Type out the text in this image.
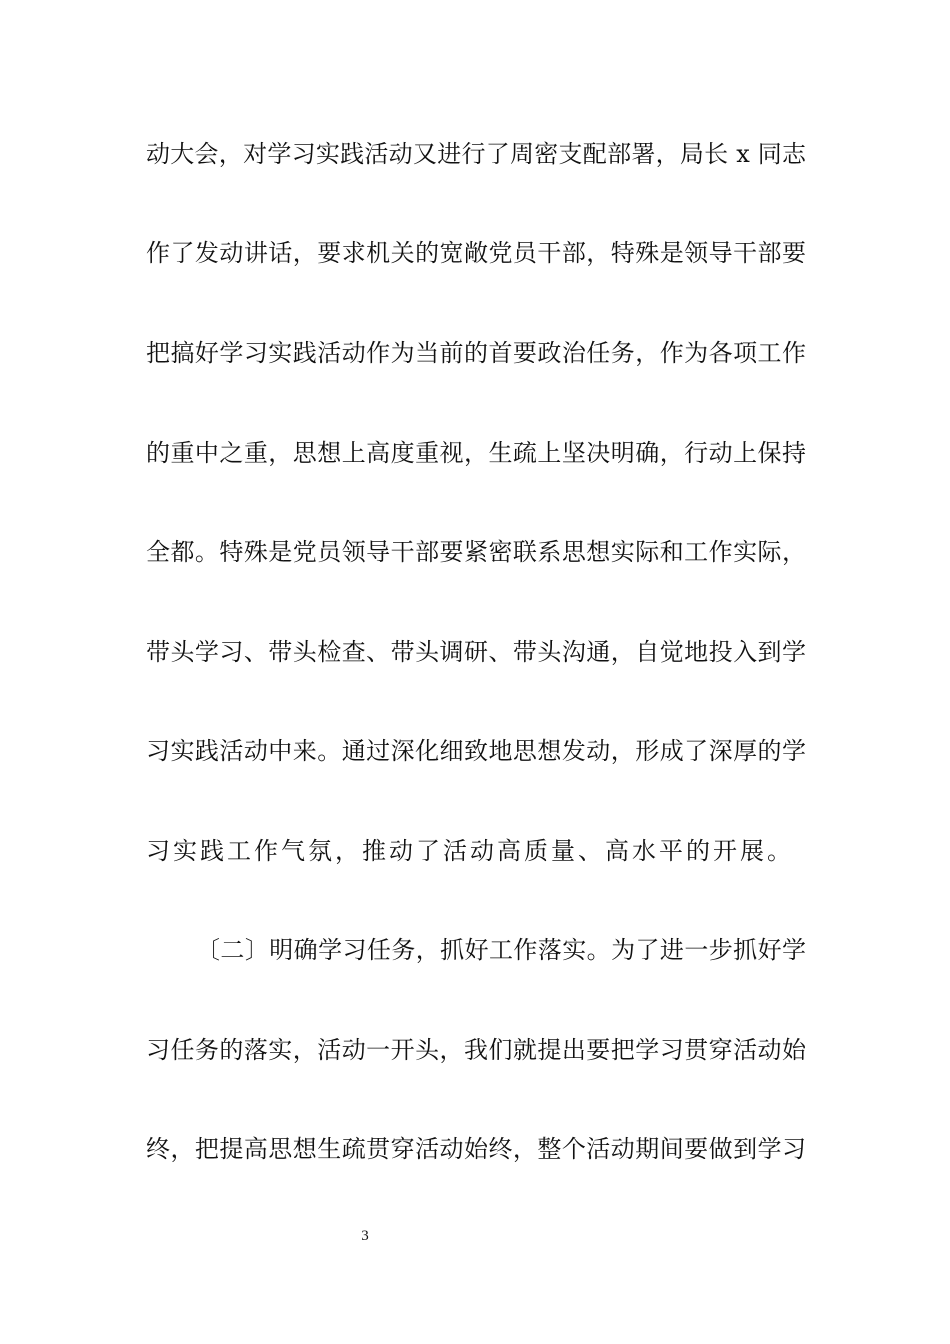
动大会，对学习实践活动又进行了周密支配部署，局长 x 同志
作了发动讲话，要求机关的宽敞党员干部，特殊是领导干部要
把搞好学习实践活动作为当前的首要政治任务，作为各项工作
的重中之重，思想上高度重视，生疏上坚决明确，行动上保持
全都。特殊是党员领导干部要紧密联系思想实际和工作实际，
带头学习、带头检查、带头调研、带头沟通，自觉地投入到学
习实践活动中来。通过深化细致地思想发动，形成了深厚的学
习实践工作气氛，推动了活动高质量、高水平的开展。
〔二〕明确学习任务，抓好工作落实。为了进一步抓好学
习任务的落实，活动一开头，我们就提出要把学习贯穿活动始
终，把提高思想生疏贯穿活动始终，整个活动期间要做到学习
3
